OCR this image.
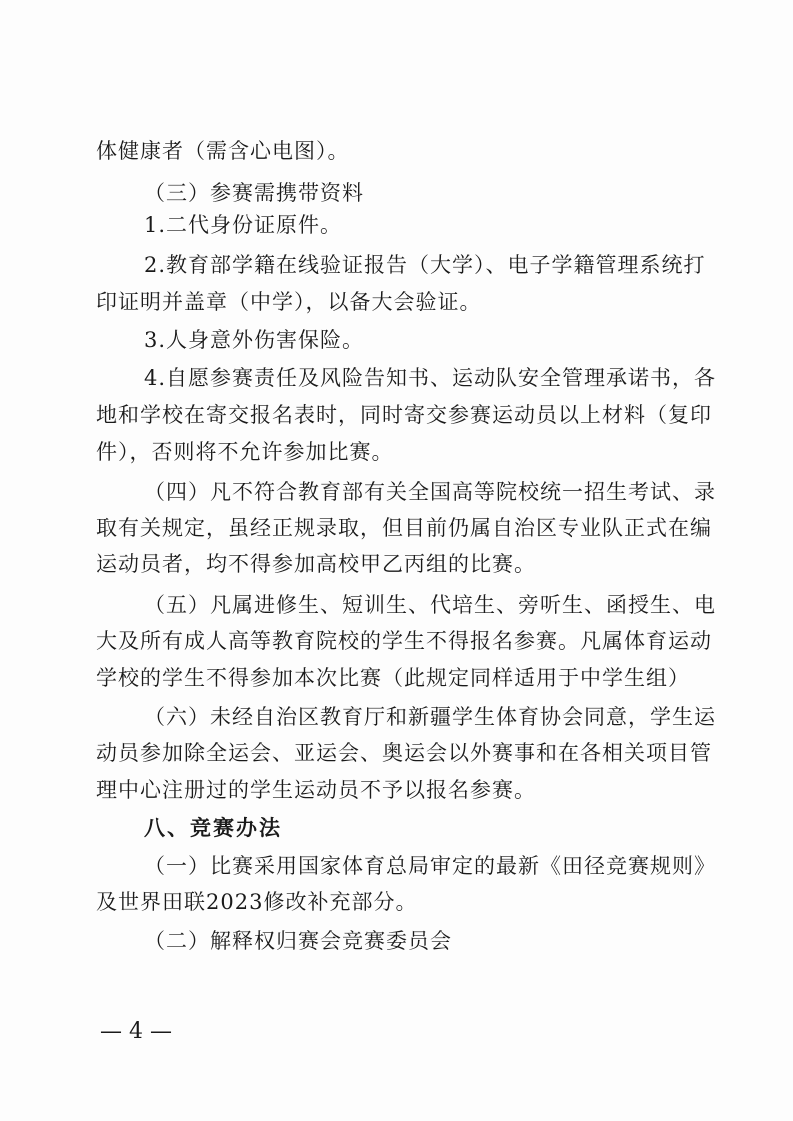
体健康者（需含心电图）。
（三）参赛需携带资料
1.二代身份证原件。
2.教育部学籍在线验证报告（大学）、电子学籍管理系统打
印证明并盖章（中学），以备大会验证。
3.人身意外伤害保险。
4.自愿参赛责任及风险告知书、运动队安全管理承诺书，各
地和学校在寄交报名表时，同时寄交参赛运动员以上材料（复印
件），否则将不允许参加比赛。
（四）凡不符合教育部有关全国高等院校统一招生考试、录
取有关规定，虽经正规录取，但目前仍属自治区专业队正式在编
运动员者，均不得参加高校甲乙丙组的比赛。
（五）凡属进修生、短训生、代培生、旁听生、函授生、电
大及所有成人高等教育院校的学生不得报名参赛。凡属体育运动
学校的学生不得参加本次比赛（此规定同样适用于中学生组）
（六）未经自治区教育厅和新疆学生体育协会同意，学生运
动员参加除全运会、亚运会、奥运会以外赛事和在各相关项目管
理中心注册过的学生运动员不予以报名参赛。
八、竞赛办法
（一）比赛采用国家体育总局审定的最新《田径竞赛规则》
及世界田联2023修改补充部分。
（二）解释权归赛会竞赛委员会
— 4 —
